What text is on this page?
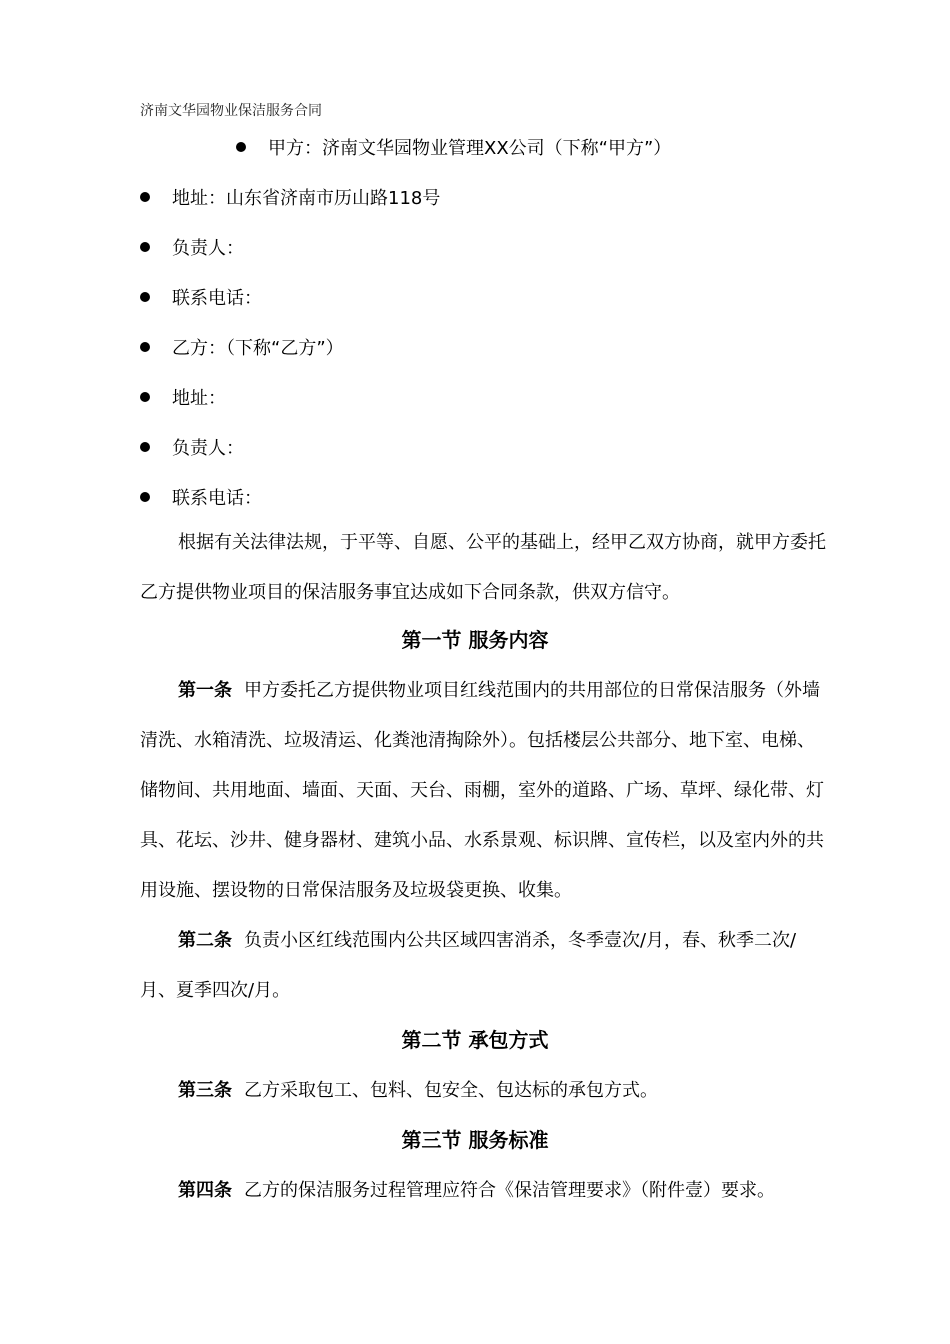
济南文华园物业保洁服务合同
甲方：济南文华园物业管理XX公司（下称“甲方”）
地址：山东省济南市历山路118号
负责人：
联系电话：
乙方：（下称“乙方”）
地址：
负责人：
联系电话：
根据有关法律法规，于平等、自愿、公平的基础上，经甲乙双方协商，就甲方委托乙方提供物业项目的保洁服务事宜达成如下合同条款，供双方信守。
第一节 服务内容
第一条 甲方委托乙方提供物业项目红线范围内的共用部位的日常保洁服务（外墙清洗、水箱清洗、垃圾清运、化粪池清掏除外）。包括楼层公共部分、地下室、电梯、储物间、共用地面、墙面、天面、天台、雨棚，室外的道路、广场、草坪、绿化带、灯具、花坛、沙井、健身器材、建筑小品、水系景观、标识牌、宣传栏，以及室内外的共用设施、摆设物的日常保洁服务及垃圾袋更换、收集。
第二条 负责小区红线范围内公共区域四害消杀，冬季壹次/月，春、秋季二次/月、夏季四次/月。
第二节 承包方式
第三条 乙方采取包工、包料、包安全、包达标的承包方式。
第三节 服务标准
第四条 乙方的保洁服务过程管理应符合《保洁管理要求》（附件壹）要求。
